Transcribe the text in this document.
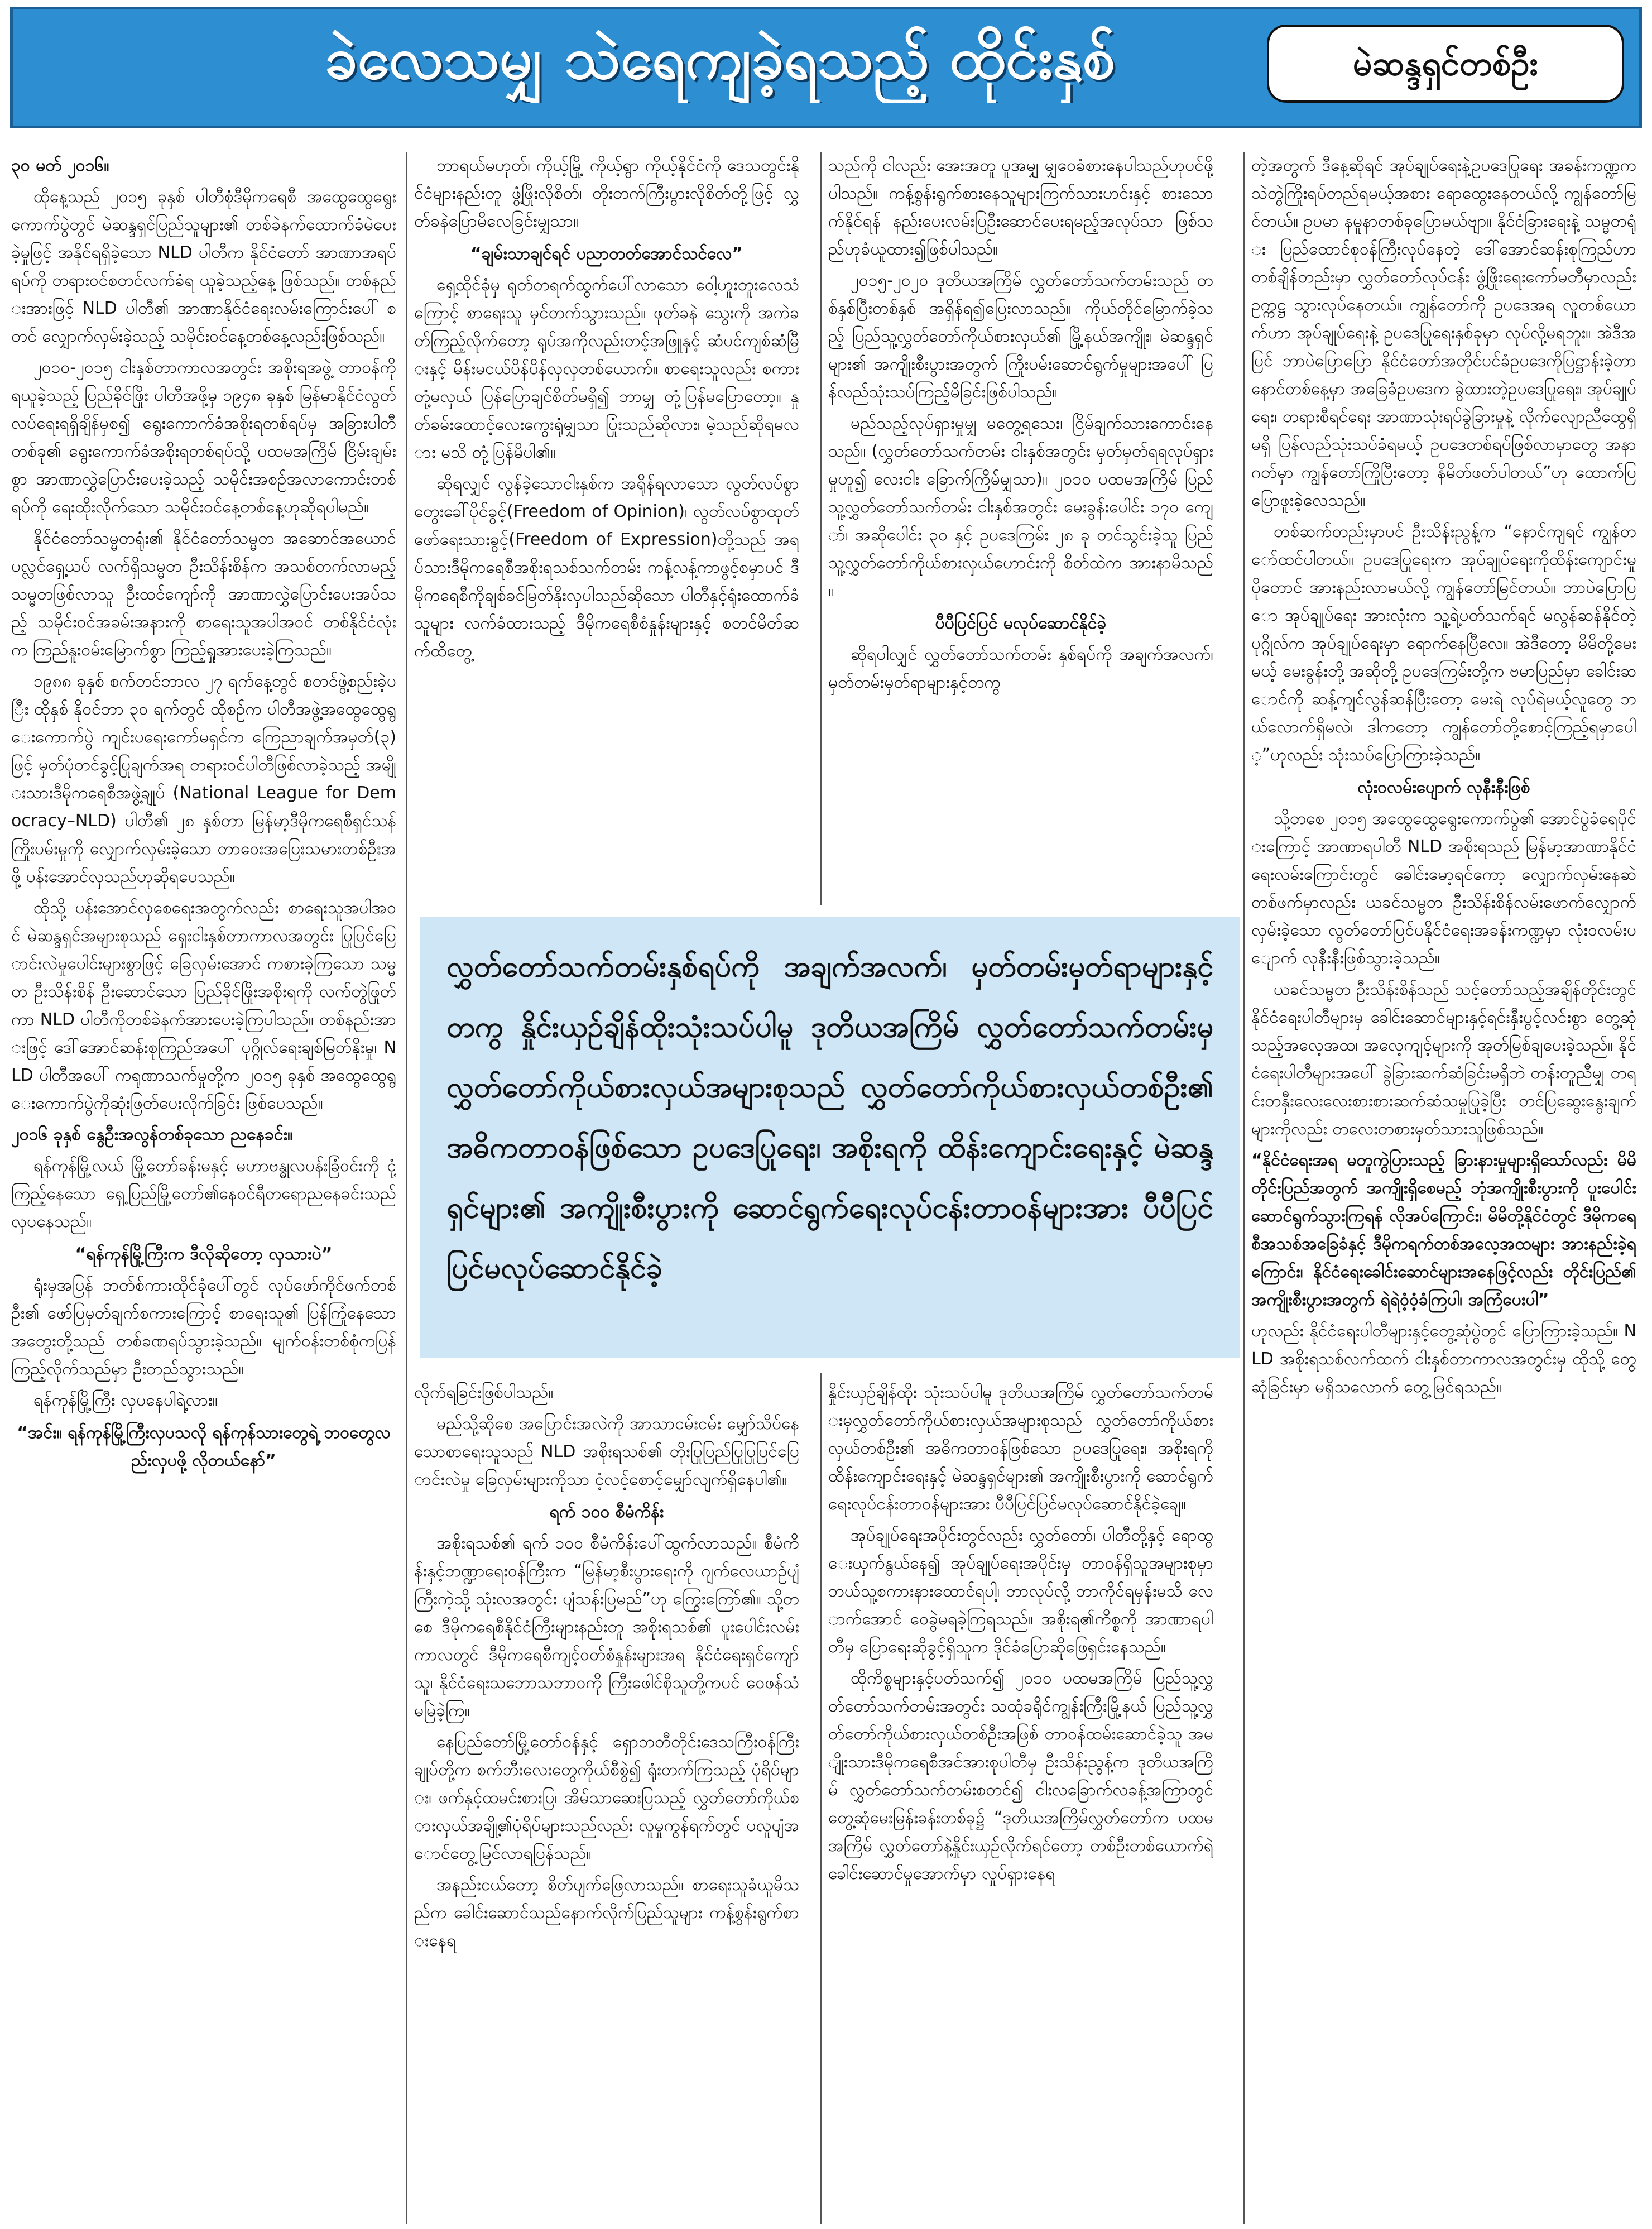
ခဲလေသမျှ သဲရေကျခဲ့ရသည့် ထိုင်းနှစ်	မဲဆန္ဒရှင်တစ်ဦး

၃၀ မတ် ၂၀၁၆။

ထိုနေ့သည် ၂၀၁၅ ခုနှစ် ပါတီစုံဒီမိုကရေစီ အထွေထွေရွေး ကောက်ပွဲတွင် မဲဆန္ဒရှင်ပြည်သူများ၏ တစ်ခဲနက်ထောက်ခံမဲပေး ခဲ့မှုဖြင့် အနိုင်ရရှိခဲ့သော NLD ပါတီက နိုင်ငံတော် အာဏာအရပ်ရပ်ကို တရားဝင်စတင်လက်ခံရ ယူခဲ့သည့်နေ့ ဖြစ်သည်။ တစ်နည်းအားဖြင့် NLD ပါတီ၏ အာဏာနိုင်ငံရေးလမ်းကြောင်းပေါ် စတင် လျှောက်လှမ်းခဲ့သည့် သမိုင်းဝင်နေ့တစ်နေ့လည်းဖြစ်သည်။

၂၀၁၀-၂၀၁၅ ငါးနှစ်တာကာလအတွင်း အစိုးရအဖွဲ့ တာဝန်ကိုရယူခဲ့သည့် ပြည်ခိုင်ဖြိုး ပါတီအဖို့မှ ၁၉၄၈ ခုနှစ် မြန်မာနိုင်ငံလွတ်လပ်ရေးရရှိချိန်မှစ၍ ရွေးကောက်ခံအစိုးရတစ်ရပ်မှ အခြားပါတီတစ်ခု၏ ရွေးကောက်ခံအစိုးရတစ်ရပ်သို့ ပထမအကြိမ် ငြိမ်းချမ်းစွာ အာဏာလွှဲပြောင်းပေးခဲ့သည့် သမိုင်းအစဉ်အလာကောင်းတစ်ရပ်ကို ရေးထိုးလိုက်သော သမိုင်းဝင်နေ့တစ်နေ့ဟုဆိုရပါမည်။

နိုင်ငံတော်သမ္မတရုံး၏ နိုင်ငံတော်သမ္မတ အဆောင်အယောင်ပလ္လင်ရှေ့ယပ် လက်ရှိသမ္မတ ဦးသိန်းစိန်က အသစ်တက်လာမည့်သမ္မတဖြစ်လာသူ ဦးထင်ကျော်ကို အာဏာလွှဲပြောင်းပေးအပ်သည့် သမိုင်းဝင်အခမ်းအနားကို စာရေးသူအပါအဝင် တစ်နိုင်ငံလုံးက ကြည်နူးဝမ်းမြောက်စွာ ကြည့်ရှုအားပေးခဲ့ကြသည်။

၁၉၈၈ ခုနှစ် စက်တင်ဘာလ ၂၇ ရက်နေ့တွင် စတင်ဖွဲ့စည်းခဲ့ပြီး ထိုနှစ် နိုဝင်ဘာ ၃၀ ရက်တွင် ထိုစဉ်က ပါတီအဖွဲ့အထွေထွေရွေးကောက်ပွဲ ကျင်းပရေးကော်မရှင်က ကြေညာချက်အမှတ်(၃)ဖြင့် မှတ်ပုံတင်ခွင့်ပြုချက်အရ တရားဝင်ပါတီဖြစ်လာခဲ့သည့် အမျိုးသားဒီမိုကရေစီအဖွဲ့ချုပ် (National League for Democracy–NLD) ပါတီ၏ ၂၈ နှစ်တာ မြန်မာ့ဒီမိုကရေစီရှင်သန်ကြိုးပမ်းမှုကို လျှောက်လှမ်းခဲ့သော တာဝေးအပြေးသမားတစ်ဦးအဖို့ ပန်းအောင်လှသည်ဟုဆိုရပေသည်။

ထိုသို့ ပန်းအောင်လှစေရေးအတွက်လည်း စာရေးသူအပါအဝင် မဲဆန္ဒရှင်အများစုသည် ရှေးငါးနှစ်တာကာလအတွင်း ပြုပြင်ပြောင်းလဲမှုပေါင်းများစွာဖြင့် ခြေလှမ်းအောင် ကစားခဲ့ကြသော သမ္မတ ဦးသိန်းစိန် ဦးဆောင်သော ပြည်ခိုင်ဖြိုးအစိုးရကို လက်တွဲဖြုတ်ကာ NLD ပါတီကိုတစ်ခဲနက်အားပေးခဲ့ကြပါသည်။ တစ်နည်းအားဖြင့် ဒေါ်အောင်ဆန်းစုကြည်အပေါ် ပုဂ္ဂိုလ်ရေးချစ်မြတ်နိုးမှု၊ NLD ပါတီအပေါ် ကရုဏာသက်မှုတို့က ၂၀၁၅ ခုနှစ် အထွေထွေရွေးကောက်ပွဲကိုဆုံးဖြတ်ပေးလိုက်ခြင်း ဖြစ်ပေသည်။

၂၀၁၆ ခုနှစ် နွေဦးအလွန်တစ်ခုသော ညနေခင်း။

ရန်ကုန်မြို့လယ် မြို့တော်ခန်းမနှင့် မဟာဗန္ဓုလပန်းခြံဝင်းကို ငုံ့ကြည့်နေသော ရှေ့ပြည်မြို့တော်၏နေဝင်ရီတရောညနေခင်းသည် လှပနေသည်။

“ရန်ကုန်မြို့ကြီးက ဒီလိုဆိုတော့ လှသားပဲ”

ရုံးမှအပြန် ဘတ်စ်ကားထိုင်ခုံပေါ်တွင် လုပ်ဖော်ကိုင်ဖက်တစ်ဦး၏ ဖော်ပြမှတ်ချက်စကားကြောင့် စာရေးသူ၏ ပြန်ကြုံနေသောအတွေးတို့သည် တစ်ခဏရပ်သွားခဲ့သည်။ မျက်ဝန်းတစ်စုံကပြန်ကြည့်လိုက်သည်မှာ ဦးတည်သွားသည်။

ရန်ကုန်မြို့ကြီး လှပနေပါရဲ့လား။

“အင်း။ ရန်ကုန်မြို့ကြီးလှပသလို ရန်ကုန်သားတွေရဲ့ ဘဝတွေလည်းလှပဖို့ လိုတယ်နော်”

ဘာရယ်မဟုတ်၊ ကိုယ့်မြို့ ကိုယ့်ရွာ ကိုယ့်နိုင်ငံကို ဒေသတွင်းနိုင်ငံများနည်းတူ ဖွံ့ဖြိုးလိုစိတ်၊ တိုးတက်ကြီးပွားလိုစိတ်တို့ဖြင့် လွှတ်ခနဲပြောမိလေခြင်းမျှသာ။

“ချမ်းသာချင်ရင် ပညာတတ်အောင်သင်လေ”

ရှေ့ထိုင်ခုံမှ ရုတ်တရက်ထွက်ပေါ်လာသော ဝေါ့ဟူးတူးလေသံကြောင့် စာရေးသူ မှင်တက်သွားသည်။ ဖုတ်ခနဲ သွေးကို အကဲခတ်ကြည့်လိုက်တော့ ရုပ်အကိုလည်းတင့်အဖြူနှင့် ဆံပင်ကျစ်ဆံမြီးနှင့် မိန်းမငယ်ပိန်ပိန်လှလှတစ်ယောက်။ စာရေးသူလည်း စကားတုံ့မလှယ် ပြန်ပြောချင်စိတ်မရှိ၍ ဘာမျှ တုံ့ပြန်မပြောတော့။ နှုတ်ခမ်းထောင့်လေးကွေးရုံမျှသာ ပြုံးသည်ဆိုလား၊ မဲ့သည်ဆိုရမလား မသိ တုံ့ပြန်မိပါ၏။

ဆိုရလျှင် လွန်ခဲ့သောငါးနှစ်က အရိုန်ရလာသော လွတ်လပ်စွာတွေးခေါ်ပိုင်ခွင့်(Freedom of Opinion)၊ လွတ်လပ်စွာထုတ်ဖော်ရေးသားခွင့်(Freedom of Expression)တို့သည် အရပ်သားဒီမိုကရေစီအစိုးရသစ်သက်တမ်း ကန့်လန့်ကာဖွင့်စမှာပင် ဒီမိုကရေစီကိုချစ်ခင်မြတ်နိုးလှပါသည်ဆိုသော ပါတီနှင့်ရုံးထောက်ခံသူများ လက်ခံထားသည့် ဒီမိုကရေစီစံနှုန်းများနှင့် စတင်မိတ်ဆက်ထိတွေ့

သည်ကို ငါလည်း အေးအတူ ပူအမျှ မျှဝေခံစားနေပါသည်ဟုပင်ဖို့ပါသည်။ ကန့်စွန်းရွက်စားနေသူများကြက်သားဟင်းနှင့် စားသောက်နိုင်ရန် နည်းပေးလမ်းပြဦးဆောင်ပေးရမည့်အလုပ်သာ ဖြစ်သည်ဟုခံယူထား၍ဖြစ်ပါသည်။

၂၀၁၅-၂၀၂၀ ဒုတိယအကြိမ် လွှတ်တော်သက်တမ်းသည် တစ်နှစ်ပြီးတစ်နှစ် အရှိန်ရ၍ပြေးလာသည်။ ကိုယ်တိုင်မြောက်ခဲ့သည့် ပြည်သူ့လွှတ်တော်ကိုယ်စားလှယ်၏ မြို့နယ်အကျိုး၊ မဲဆန္ဒရှင်များ၏ အကျိုးစီးပွားအတွက် ကြိုးပမ်းဆောင်ရွက်မှုများအပေါ် ပြန်လည်သုံးသပ်ကြည့်မိခြင်းဖြစ်ပါသည်။

မည်သည့်လုပ်ရှားမှုမျှ မတွေ့ရသေး၊ ငြိမ်ချက်သားကောင်းနေသည်။ (လွှတ်တော်သက်တမ်း ငါးနှစ်အတွင်း မှတ်မှတ်ရရလုပ်ရှားမှုဟူ၍ လေးငါး ခြောက်ကြိမ်မျှသာ)။ ၂၀၁၀ ပထမအကြိမ် ပြည်သူ့လွှတ်တော်သက်တမ်း ငါးနှစ်အတွင်း မေးခွန်းပေါင်း ၁၇၀ ကျော်၊ အဆိုပေါင်း ၃၀ နှင့် ဥပဒေကြမ်း ၂၈ ခု တင်သွင်းခဲ့သူ ပြည်သူ့လွှတ်တော်ကိုယ်စားလှယ်ဟောင်းကို စိတ်ထဲက အားနာမိသည်။

ပီပီပြင်ပြင် မလုပ်ဆောင်နိုင်ခဲ့

ဆိုရပါလျှင် လွှတ်တော်သက်တမ်း နှစ်ရပ်ကို အချက်အလက်၊ မှတ်တမ်းမှတ်ရာများနှင့်တကွ

လွှတ်တော်သက်တမ်းနှစ်ရပ်ကို အချက်အလက်၊ မှတ်တမ်းမှတ်ရာများနှင့် တကွ နှိုင်းယှဉ်ချိန်ထိုးသုံးသပ်ပါမူ ဒုတိယအကြိမ် လွှတ်တော်သက်တမ်းမှ လွှတ်တော်ကိုယ်စားလှယ်အများစုသည် လွှတ်တော်ကိုယ်စားလှယ်တစ်ဦး၏ အဓိကတာဝန်ဖြစ်သော ဥပဒေပြုရေး၊ အစိုးရကို ထိန်းကျောင်းရေးနှင့် မဲဆန္ဒရှင်များ၏ အကျိုးစီးပွားကို ဆောင်ရွက်ရေးလုပ်ငန်းတာဝန်များအား ပီပီပြင်ပြင်မလုပ်ဆောင်နိုင်ခဲ့

လိုက်ရခြင်းဖြစ်ပါသည်။

မည်သို့ဆိုစေ အပြောင်းအလဲကို အာသာငမ်းငမ်း မျှော်သိပ်နေသောစာရေးသူသည် NLD အစိုးရသစ်၏ တိုးပြုပြည်ပြုပြုပြင်ပြောင်းလဲမှု ခြေလှမ်းများကိုသာ ငံ့လင့်စောင့်မျှော်လျက်ရှိနေပါ၏။

ရက် ၁၀၀ စီမံကိန်း

အစိုးရသစ်၏ ရက် ၁၀၀ စီမံကိန်းပေါ်ထွက်လာသည်။ စီမံကိန်းနှင့်ဘဏ္ဍာရေးဝန်ကြီးက “မြန်မာ့စီးပွားရေးကို ဂျက်လေယာဉ်ပျံကြီးကဲ့သို့ သုံးလအတွင်း ပျံသန်းပြမည်”ဟု ကြွေးကြော်၏။ သို့တစေ ဒီမိုကရေစီနိုင်ငံကြီးများနည်းတူ အစိုးရသစ်၏ ပူးပေါင်းလမ်းကာလတွင် ဒီမိုကရေစီကျင့်ဝတ်စံနှုန်းများအရ နိုင်ငံရေးရှင်ကျော်သူ၊ နိုင်ငံရေးသဘောသဘာဝကို ကြီးဖေါင်စိုသူတို့ကပင် ဝေဖန်သံမမြဲခဲ့ကြ။

နေပြည်တော်မြို့တော်ဝန်နှင့် ရှောဘတီတိုင်းဒေသကြီးဝန်ကြီးချုပ်တို့က စက်ဘီးလေးတွေကိုယ်စီစွဲ၍ ရုံးတက်ကြသည့် ပုံရိပ်များ၊ ဖက်နှင့်ထမင်းစားပြ၊ အိမ်သာဆေးပြသည့် လွှတ်တော်ကိုယ်စားလှယ်အချို့၏ပုံရိပ်များသည်လည်း လူမှုကွန်ရက်တွင် ပလူပျံအောင်တွေ့မြင်လာရပြန်သည်။

အနည်းငယ်တော့ စိတ်ပျက်ဖြေလာသည်။ စာရေးသူခံယူမိသည်က ခေါင်းဆောင်သည်နောက်လိုက်ပြည်သူများ ကန့်စွန်းရွက်စားနေရ

နှိုင်းယှဉ်ချိန်ထိုး သုံးသပ်ပါမူ ဒုတိယအကြိမ် လွှတ်တော်သက်တမ်းမှလွှတ်တော်ကိုယ်စားလှယ်အများစုသည် လွှတ်တော်ကိုယ်စားလှယ်တစ်ဦး၏ အဓိကတာဝန်ဖြစ်သော ဥပဒေပြုရေး၊ အစိုးရကို ထိန်းကျောင်းရေးနှင့် မဲဆန္ဒရှင်များ၏ အကျိုးစီးပွားကို ဆောင်ရွက်ရေးလုပ်ငန်းတာဝန်များအား ပီပီပြင်ပြင်မလုပ်ဆောင်နိုင်ခဲ့ချေ။

အုပ်ချုပ်ရေးအပိုင်းတွင်လည်း လွှတ်တော်၊ ပါတီတို့နှင့် ရောထွေးယှက်နွယ်နေ၍ အုပ်ချုပ်ရေးအပိုင်းမှ တာဝန်ရှိသူအများစုမှာ ဘယ်သူ့စကားနားထောင်ရပါ့၊ ဘာလုပ်လို့ ဘာကိုင်ရမှန်းမသိ လောက်အောင် ဝေခွဲမရခဲ့ကြရသည်။ အစိုးရ၏ကိစ္စကို အာဏာရပါတီမှ ပြောရေးဆိုခွင့်ရှိသူက ဒိုင်ခံပြောဆိုဖြေရှင်းနေသည်။

ထိုကိစ္စများနှင့်ပတ်သက်၍ ၂၀၁၀ ပထမအကြိမ် ပြည်သူ့လွှတ်တော်သက်တမ်းအတွင်း သထုံခရိုင်ကျွန်းကြီးမြို့နယ် ပြည်သူ့လွှတ်တော်ကိုယ်စားလှယ်တစ်ဦးအဖြစ် တာဝန်ထမ်းဆောင်ခဲ့သူ အမျိုးသားဒီမိုကရေစီအင်အားစုပါတီမှ ဦးသိန်းညွန့်က ဒုတိယအကြိမ် လွှတ်တော်သက်တမ်းစတင်၍ ငါးလခြောက်လခန့်အကြာတွင် တွေ့ဆုံမေးမြန်းခန်းတစ်ခု၌ “ဒုတိယအကြိမ်လွှတ်တော်က ပထမအကြိမ် လွှတ်တော်နဲ့နှိုင်းယှဉ်လိုက်ရင်တော့ တစ်ဦးတစ်ယောက်ရဲ့ခေါင်းဆောင်မှုအောက်မှာ လှုပ်ရှားနေရ

တဲ့အတွက် ဒီနေ့ဆိုရင် အုပ်ချုပ်ရေးနဲ့ဥပဒေပြုရေး အခန်းကဏ္ဍက သဲတွဲကြိုးရပ်တည်ရမယ့်အစား ရောထွေးနေတယ်လို့ ကျွန်တော်မြင်တယ်။ ဥပမာ နမူနာတစ်ခုပြောမယ်ဗျာ။ နိုင်ငံခြားရေးနဲ့ သမ္မတရုံး ပြည်ထောင်စုဝန်ကြီးလုပ်နေတဲ့ ဒေါ်အောင်ဆန်းစုကြည်ဟာ တစ်ချိန်တည်းမှာ လွှတ်တော်လုပ်ငန်း ဖွံ့ဖြိုးရေးကော်မတီမှာလည်း ဥက္ကဋ္ဌ သွားလုပ်နေတယ်။ ကျွန်တော်ကို ဥပဒေအရ လူတစ်ယောက်ဟာ အုပ်ချုပ်ရေးနဲ့ ဥပဒေပြုရေးနှစ်ခုမှာ လုပ်လို့မရဘူး။ အဲဒီအပြင် ဘာပဲပြောပြော နိုင်ငံတော်အတိုင်ပင်ခံဥပဒေကိုပြဋ္ဌာန်းခဲ့တာ နောင်တစ်နေ့မှာ အခြေခံဥပဒေက ခွဲထားတဲ့ဥပဒေပြုရေး၊ အုပ်ချုပ်ရေး၊ တရားစီရင်ရေး အာဏာသုံးရပ်ခွဲခြားမှုနဲ့ လိုက်လျောညီထွေရှိ မရှိ ပြန်လည်သုံးသပ်ခံရမယ့် ဥပဒေတစ်ရပ်ဖြစ်လာမှာတွေ အနာဂတ်မှာ ကျွန်တော်ကြိုပြီးတော့ နိမိတ်ဖတ်ပါတယ်”ဟု ထောက်ပြပြောဖူးခဲ့လေသည်။

တစ်ဆက်တည်းမှာပင် ဦးသိန်းညွန့်က “နောင်ကျရင် ကျွန်တော်ထင်ပါတယ်။ ဥပဒေပြုရေးက အုပ်ချုပ်ရေးကိုထိန်းကျောင်းမှုပိုတောင် အားနည်းလာမယ်လို့ ကျွန်တော်မြင်တယ်။ ဘာပဲပြောပြော အုပ်ချုပ်ရေး အားလုံးက သူ့ရဲ့ပတ်သက်ရင် မလွန်ဆန်နိုင်တဲ့ပုဂ္ဂိုလ်က အုပ်ချုပ်ရေးမှာ ရောက်နေပြီလေ။ အဲဒီတော့ မိမိတို့မေးမယ့် မေးခွန်းတို့ အဆိုတို့ ဥပဒေကြမ်းတို့က ဗမာပြည်မှာ ခေါင်းဆောင်ကို ဆန့်ကျင်လွန်ဆန်ပြီးတော့ မေးရဲ လုပ်ရဲမယ့်လူတွေ ဘယ်လောက်ရှိမလဲ၊ ဒါကတော့ ကျွန်တော်တို့စောင့်ကြည့်ရမှာပေါ့”ဟုလည်း သုံးသပ်ပြောကြားခဲ့သည်။

လုံးဝလမ်းပျောက် လုနီးနီးဖြစ်

သို့တစေ ၂၀၁၅ အထွေထွေရွေးကောက်ပွဲ၏ အောင်ပွဲခံရေပိုင်းကြောင့် အာဏာရပါတီ NLD အစိုးရသည် မြန်မာ့အာဏာနိုင်ငံရေးလမ်းကြောင်းတွင် ခေါင်းမော့ရင်ကော့ လျှောက်လှမ်းနေဆဲ တစ်ဖက်မှာလည်း ယခင်သမ္မတ ဦးသိန်းစိန်လမ်းဖောက်လျှောက်လှမ်းခဲ့သော လွတ်တော်ပြင်ပနိုင်ငံရေးအခန်းကဏ္ဍမှာ လုံးဝလမ်းပျောက် လုနီးနီးဖြစ်သွားခဲ့သည်။

ယခင်သမ္မတ ဦးသိန်းစိန်သည် သင့်တော်သည့်အချိန်တိုင်းတွင် နိုင်ငံရေးပါတီများမှ ခေါင်းဆောင်များနှင့်ရင်းနှီးပွင့်လင်းစွာ တွေ့ဆုံသည့်အလေ့အထ၊ အလေ့ကျင့်များကို အုတ်မြစ်ချပေးခဲ့သည်။ နိုင်ငံရေးပါတီများအပေါ် ခွဲခြားဆက်ဆံခြင်းမရှိဘဲ တန်းတူညီမျှ တရင်းတနှီးလေးလေးစားစားဆက်ဆံသမှုပြုခဲ့ပြီး တင်ပြဆွေးနွေးချက်များကိုလည်း တလေးတစားမှတ်သားသူဖြစ်သည်။

“နိုင်ငံရေးအရ မတူကွဲပြားသည့် ခြားနားမှုများရှိသော်လည်း မိမိတိုင်းပြည်အတွက် အကျိုးရှိစေမည့် ဘုံအကျိုးစီးပွားကို ပူးပေါင်းဆောင်ရွက်သွားကြရန် လိုအပ်ကြောင်း၊ မိမိတို့နိုင်ငံတွင် ဒီမိုကရေစီအသစ်အခြေခံနှင့် ဒီမိုကရက်တစ်အလေ့အထများ အားနည်းခဲ့ရကြောင်း၊ နိုင်ငံရေးခေါင်းဆောင်များအနေဖြင့်လည်း တိုင်းပြည်၏အကျိုးစီးပွားအတွက် ရဲရဲဝံ့ဝံ့ခံကြပါ၊ အကြံပေးပါ”

ဟုလည်း နိုင်ငံရေးပါတီများနှင့်တွေ့ဆုံပွဲတွင် ပြောကြားခဲ့သည်။ NLD အစိုးရသစ်လက်ထက် ငါးနှစ်တာကာလအတွင်းမှ ထိုသို့ တွေ့ဆုံခြင်းမှာ မရှိသလောက် တွေ့မြင်ရသည်။
